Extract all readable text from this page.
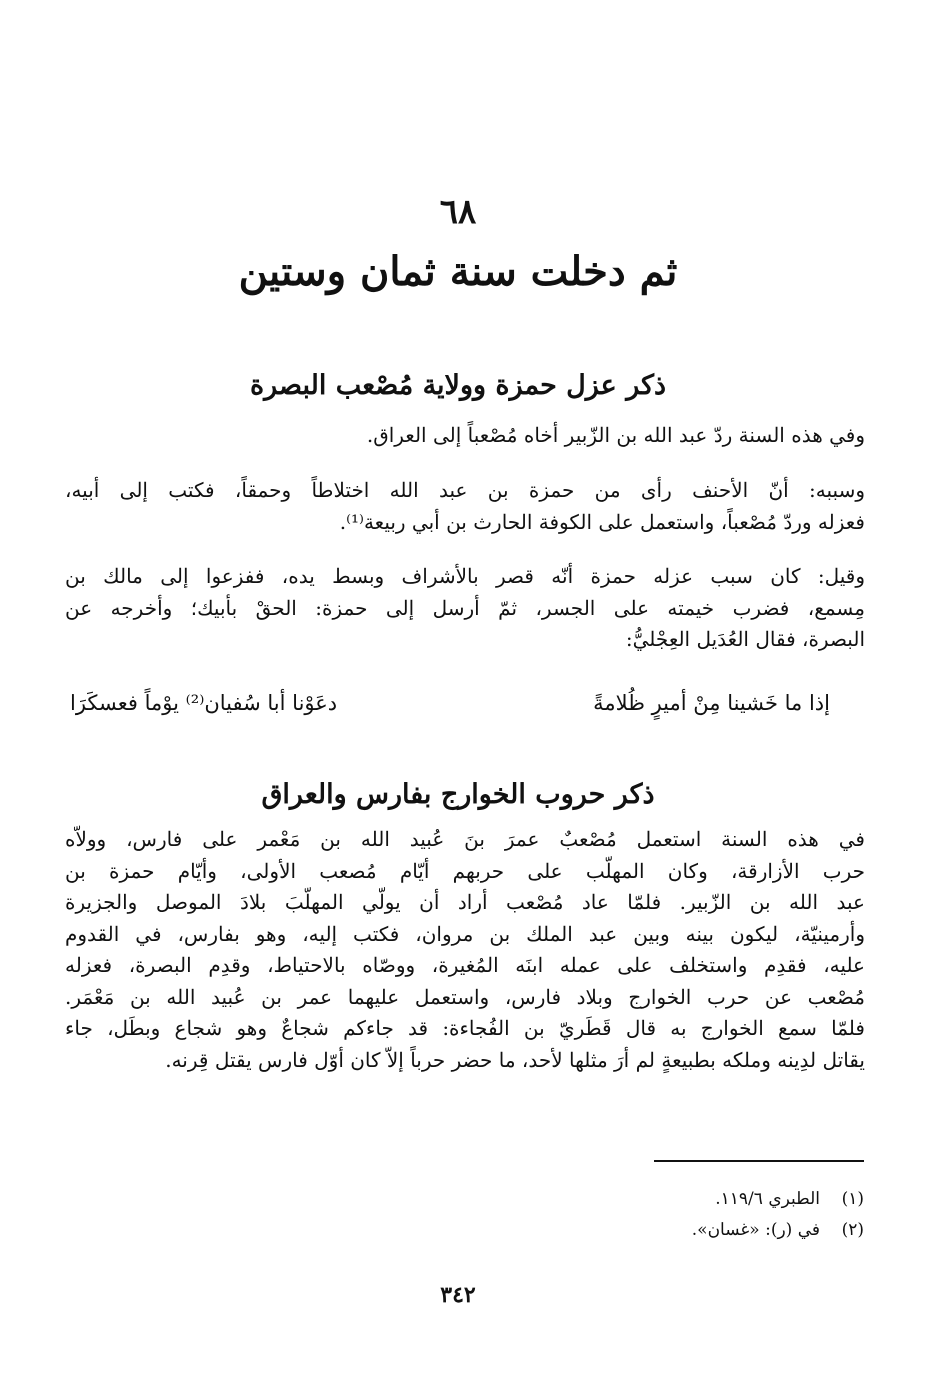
٦٨
ثم دخلت سنة ثمان وستين
ذكر عزل حمزة وولاية مُصْعب البصرة
وفي هذه السنة ردّ عبد الله بن الزّبير أخاه مُصْعباً إلى العراق.
وسببه: أنّ الأحنف رأى من حمزة بن عبد الله اختلاطاً وحمقاً، فكتب إلى أبيه،
فعزله وردّ مُصْعباً، واستعمل على الكوفة الحارث بن أبي ربيعة⁽¹⁾.
وقيل: كان سبب عزله حمزة أنّه قصر بالأشراف وبسط يده، ففزعوا إلى مالك بن
مِسمع، فضرب خيمته على الجسر، ثمّ أرسل إلى حمزة: الحقْ بأبيك؛ وأخرجه عن
البصرة، فقال العُدَيل العِجْليُّ:
إذا ما خَشينا مِنْ أميرٍ ظُلامةً
دعَوْنا أبا سُفيان⁽²⁾ يوْماً فعسكَرَا
ذكر حروب الخوارج بفارس والعراق
في هذه السنة استعمل مُصْعبٌ عمرَ بنَ عُبيد الله بن مَعْمر على فارس، وولاّه
حرب الأزارقة، وكان المهلّب على حربهم أيّام مُصعب الأولى، وأيّام حمزة بن
عبد الله بن الزّبير. فلمّا عاد مُصْعب أراد أن يولّي المهلّبَ بلادَ الموصل والجزيرة
وأرمينيّة، ليكون بينه وبين عبد الملك بن مروان، فكتب إليه، وهو بفارس، في القدوم
عليه، فقدِم واستخلف على عمله ابنَه المُغيرة، ووصّاه بالاحتياط، وقدِم البصرة، فعزله
مُصْعب عن حرب الخوارج وبلاد فارس، واستعمل عليهما عمر بن عُبيد الله بن مَعْمَر.
فلمّا سمع الخوارج به قال قَطَريّ بن الفُجاءة: قد جاءكم شجاعٌ وهو شجاع وبطَل، جاء
يقاتل لدِينه وملكه بطبيعةٍ لم أرَ مثلها لأحد، ما حضر حرباً إلاّ كان أوّل فارس يقتل قِرنه.
(١)الطبري ١١٩/٦.
(٢)في (ر): «غسان».
٣٤٢
